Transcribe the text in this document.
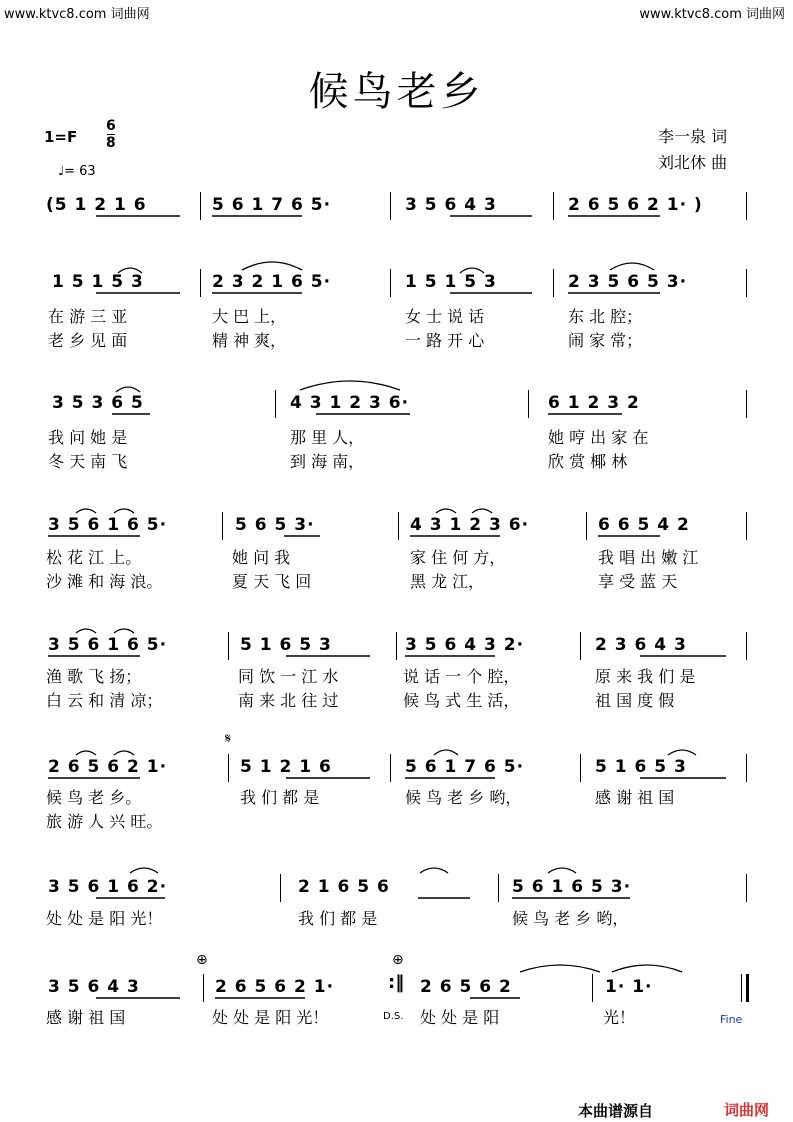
www.ktvc8.com 词曲网	www.ktvc8.com 词曲网
候鸟老乡
1=F
6
8
♩= 63
李一泉 词
刘北休 曲
(5 1 2 1 6	5 6 1 7 6 5·	3 5 6 4 3	2 6 5 6 2 1· )
1 5 1 5 3	2 3 2 1 6 5·	1 5 1 5 3	2 3 5 6 5 3·
在 游 三 亚	大 巴 上，	女 士 说 话	东 北 腔；
老 乡 见 面	精 神 爽，	一 路 开 心	闹 家 常；
3 5 3 6 5	4 3 1 2 3 6·	6 1 2 3 2
我 问 她 是	那 里 人，	她 哼 出 家 在
冬 天 南 飞	到 海 南，	欣 赏 椰 林
3 5 6 1 6 5·	5 6 5 3·	4 3 1 2 3 6·	6 6 5 4 2
松 花 江 上。	她 问 我	家 住 何 方，	我 唱 出 嫩 江
沙 滩 和 海 浪。	夏 天 飞 回	黑 龙 江，	享 受 蓝 天
3 5 6 1 6 5·	5 1 6 5 3	3 5 6 4 3 2·	2 3 6 4 3
渔 歌 飞 扬；	同 饮 一 江 水	说 话 一 个 腔，	原 来 我 们 是
白 云 和 清 凉；	南 来 北 往 过	候 鸟 式 生 活，	祖 国 度 假
𝄋
2 6 5 6 2 1·	5 1 2 1 6	5 6 1 7 6 5·	5 1 6 5 3
候 鸟 老 乡。	我 们 都 是	候 鸟 老 乡 哟，	感 谢 祖 国
旅 游 人 兴 旺。
3 5 6 1 6 2·	2 1 6 5 6	5 6 1 6 5 3·
处 处 是 阳 光！	我 们 都 是	候 鸟 老 乡 哟，
⊕	⊕
3 5 6 4 3	2 6 5 6 2 1·	:‖ 2 6 5 6 2	1· 1·
感 谢 祖 国	处 处 是 阳 光！	D.S. 处 处 是 阳	光！	Fine
本曲谱源自	词曲网
